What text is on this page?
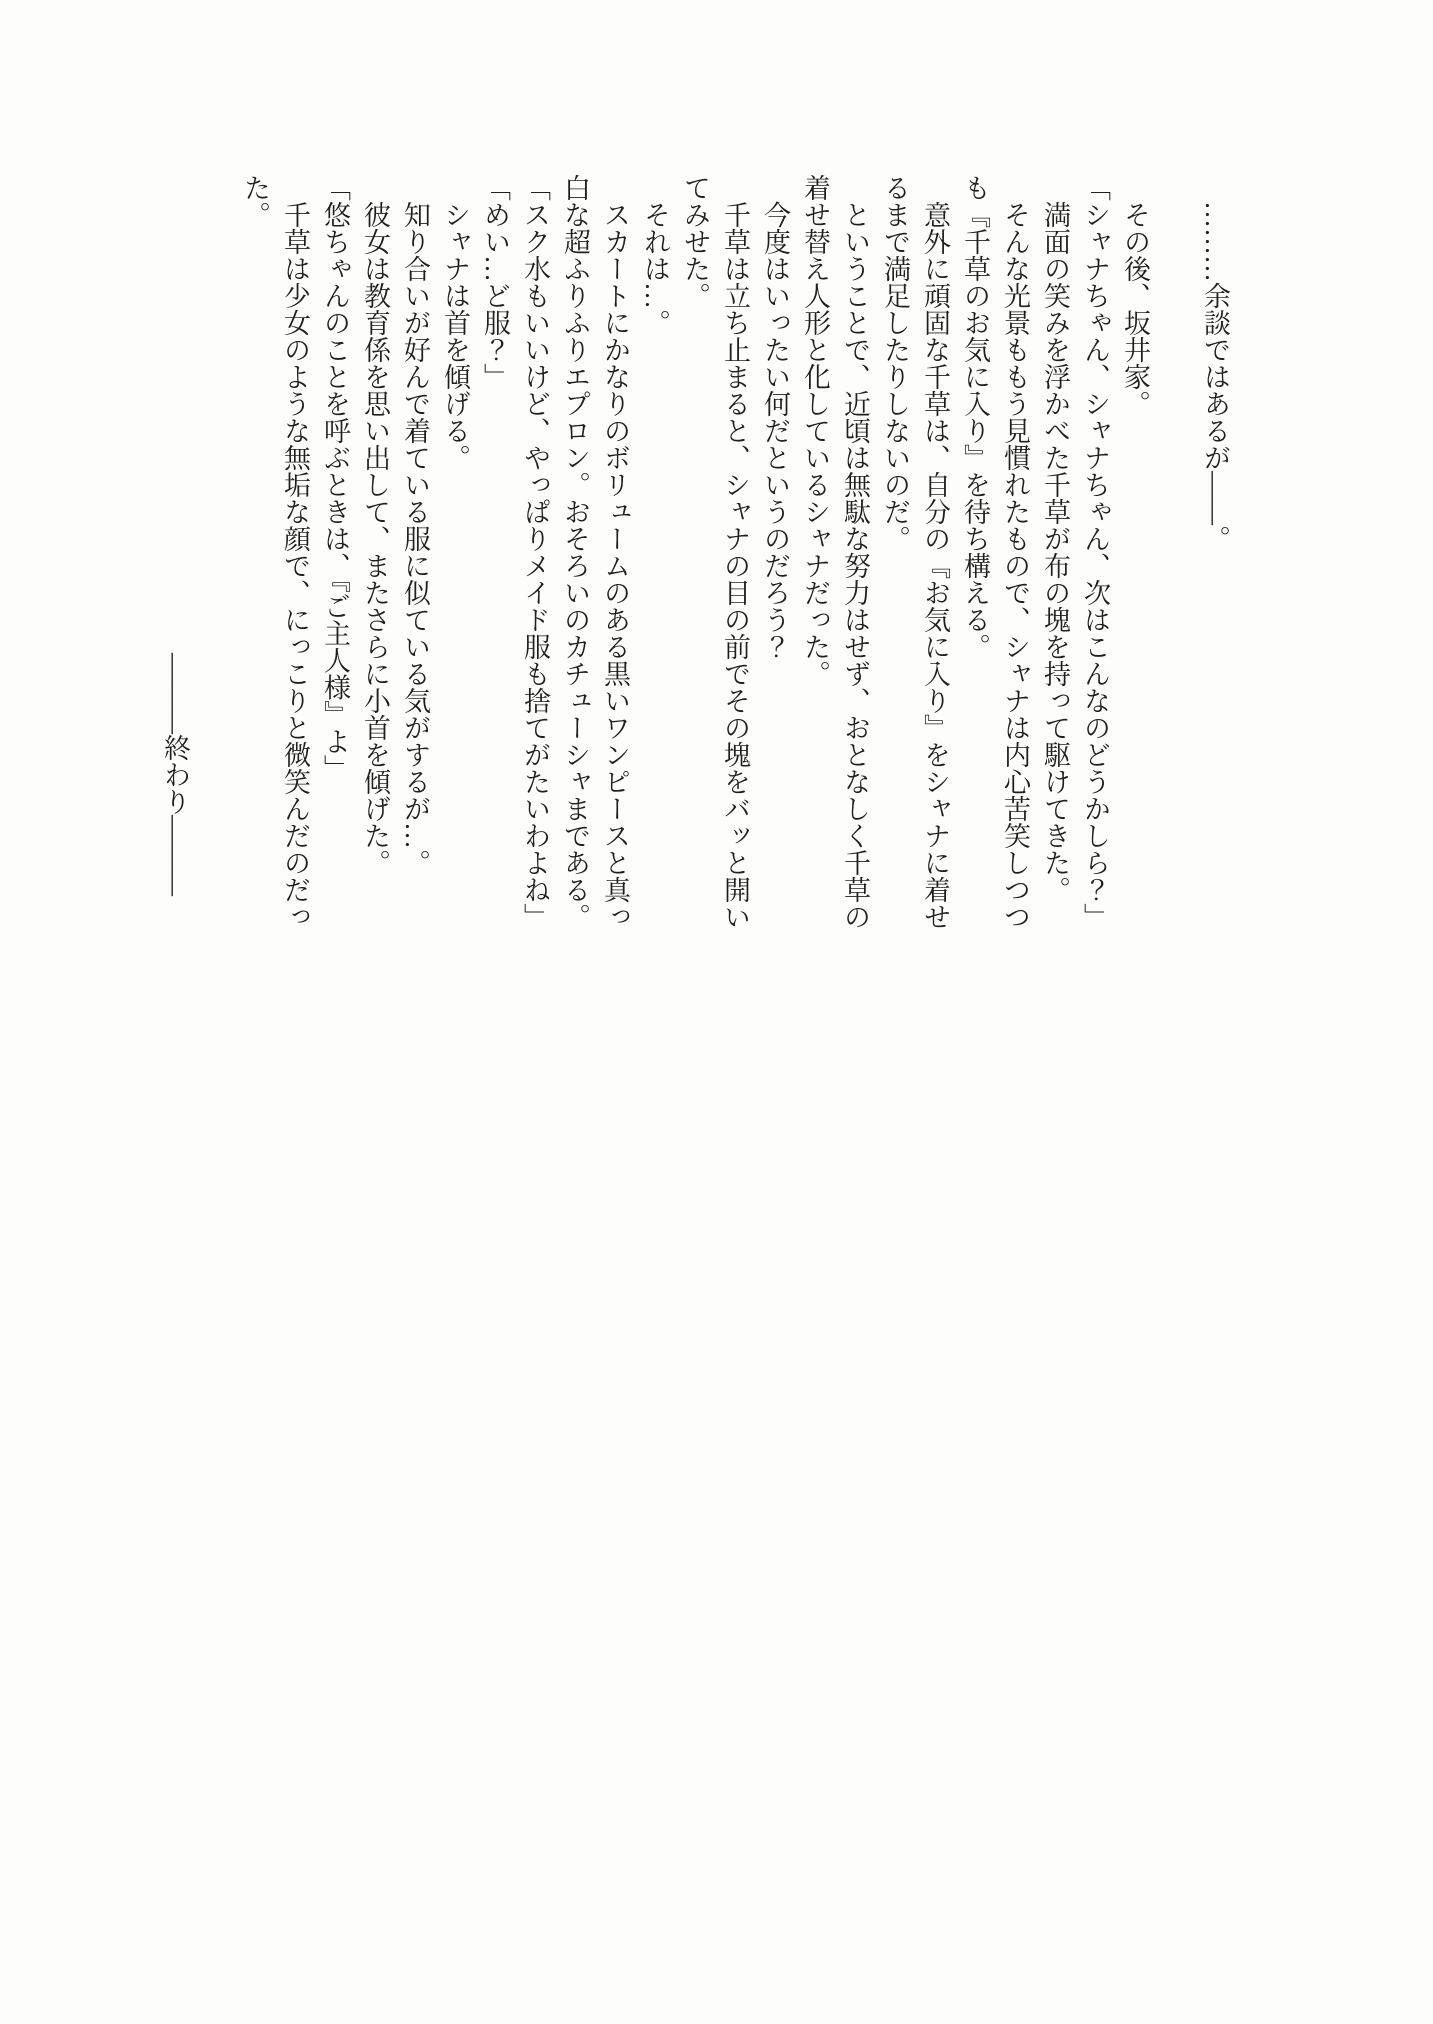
………余談ではあるが――。

その後、坂井家。

「シャナちゃん、シャナちゃん、次はこんなのどうかしら？」

満面の笑みを浮かべた千草が布の塊を持って駆けてきた。

そんな光景ももう見慣れたもので、シャナは内心苦笑しつつ

も『千草のお気に入り』を待ち構える。

意外に頑固な千草は、自分の『お気に入り』をシャナに着せ

るまで満足したりしないのだ。

ということで、近頃は無駄な努力はせず、おとなしく千草の

着せ替え人形と化しているシャナだった。

今度はいったい何だというのだろう？

千草は立ち止まると、シャナの目の前でその塊をバッと開い

てみせた。

それは…。

スカートにかなりのボリュームのある黒いワンピースと真っ

白な超ふりふりエプロン。おそろいのカチューシャまである。

「スク水もいいけど、やっぱりメイド服も捨てがたいわよね」

「めい…ど服？」

シャナは首を傾げる。

知り合いが好んで着ている服に似ている気がするが…。

彼女は教育係を思い出して、またさらに小首を傾げた。

「悠ちゃんのことを呼ぶときは、『ご主人様』よ」

千草は少女のような無垢な顔で、にっこりと微笑んだのだっ

た。

―――終わり―――
